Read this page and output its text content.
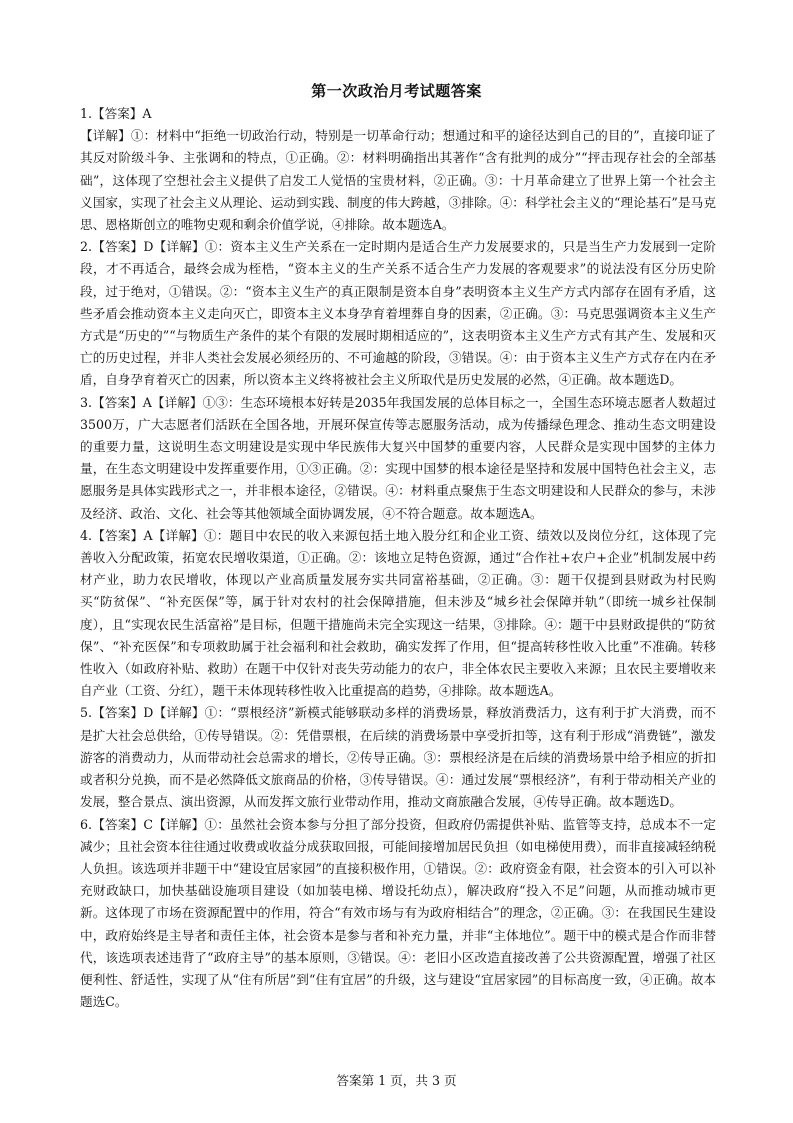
第一次政治月考试题答案

1.【答案】A

【详解】①：材料中“拒绝一切政治行动，特别是一切革命行动；想通过和平的途径达到自己的目的”，直接印证了其反对阶级斗争、主张调和的特点，①正确。②：材料明确指出其著作“含有批判的成分”“抨击现存社会的全部基础”，这体现了空想社会主义提供了启发工人觉悟的宝贵材料，②正确。③：十月革命建立了世界上第一个社会主义国家，实现了社会主义从理论、运动到实践、制度的伟大跨越，③排除。④：科学社会主义的“理论基石”是马克思、恩格斯创立的唯物史观和剩余价值学说，④排除。故本题选A。

2.【答案】D【详解】①：资本主义生产关系在一定时期内是适合生产力发展要求的，只是当生产力发展到一定阶段，才不再适合，最终会成为桎梏，“资本主义的生产关系不适合生产力发展的客观要求”的说法没有区分历史阶段，过于绝对，①错误。②：“资本主义生产的真正限制是资本自身”表明资本主义生产方式内部存在固有矛盾，这些矛盾会推动资本主义走向灭亡，即资本主义本身孕育着埋葬自身的因素，②正确。③：马克思强调资本主义生产方式是“历史的”“与物质生产条件的某个有限的发展时期相适应的”，这表明资本主义生产方式有其产生、发展和灭亡的历史过程，并非人类社会发展必须经历的、不可逾越的阶段，③错误。④：由于资本主义生产方式存在内在矛盾，自身孕育着灭亡的因素，所以资本主义终将被社会主义所取代是历史发展的必然，④正确。故本题选D。

3.【答案】A【详解】①③：生态环境根本好转是2035年我国发展的总体目标之一，全国生态环境志愿者人数超过3500万，广大志愿者们活跃在全国各地，开展环保宣传等志愿服务活动，成为传播绿色理念、推动生态文明建设的重要力量，这说明生态文明建设是实现中华民族伟大复兴中国梦的重要内容，人民群众是实现中国梦的主体力量，在生态文明建设中发挥重要作用，①③正确。②：实现中国梦的根本途径是坚持和发展中国特色社会主义，志愿服务是具体实践形式之一，并非根本途径，②错误。④：材料重点聚焦于生态文明建设和人民群众的参与，未涉及经济、政治、文化、社会等其他领域全面协调发展，④不符合题意。故本题选A。

4.【答案】A【详解】①：题目中农民的收入来源包括土地入股分红和企业工资、绩效以及岗位分红，这体现了完善收入分配政策，拓宽农民增收渠道，①正确。②：该地立足特色资源，通过“合作社+农户+企业”机制发展中药材产业，助力农民增收，体现以产业高质量发展夯实共同富裕基础，②正确。③：题干仅提到县财政为村民购买“防贫保”、“补充医保”等，属于针对农村的社会保障措施，但未涉及“城乡社会保障并轨”（即统一城乡社保制度），且“实现农民生活富裕”是目标，但题干措施尚未完全实现这一结果，③排除。④：题干中县财政提供的“防贫保”、“补充医保”和专项救助属于社会福利和社会救助，确实发挥了作用，但“提高转移性收入比重”不准确。转移性收入（如政府补贴、救助）在题干中仅针对丧失劳动能力的农户，非全体农民主要收入来源；且农民主要增收来自产业（工资、分红），题干未体现转移性收入比重提高的趋势，④排除。故本题选A。

5.【答案】D【详解】①：“票根经济”新模式能够联动多样的消费场景，释放消费活力，这有利于扩大消费，而不是扩大社会总供给，①传导错误。②：凭借票根，在后续的消费场景中享受折扣等，这有利于形成“消费链”，激发游客的消费动力，从而带动社会总需求的增长，②传导正确。③：票根经济是在后续的消费场景中给予相应的折扣或者积分兑换，而不是必然降低文旅商品的价格，③传导错误。④：通过发展“票根经济”，有利于带动相关产业的发展，整合景点、演出资源，从而发挥文旅行业带动作用，推动文商旅融合发展，④传导正确。故本题选D。

6.【答案】C【详解】①：虽然社会资本参与分担了部分投资，但政府仍需提供补贴、监管等支持，总成本不一定减少；且社会资本往往通过收费或收益分成获取回报，可能间接增加居民负担（如电梯使用费），而非直接减轻纳税人负担。该选项并非题干中“建设宜居家园”的直接积极作用，①错误。②：政府资金有限，社会资本的引入可以补充财政缺口，加快基础设施项目建设（如加装电梯、增设托幼点），解决政府“投入不足”问题，从而推动城市更新。这体现了市场在资源配置中的作用，符合“有效市场与有为政府相结合”的理念，②正确。③：在我国民生建设中，政府始终是主导者和责任主体，社会资本是参与者和补充力量，并非“主体地位”。题干中的模式是合作而非替代，该选项表述违背了“政府主导”的基本原则，③错误。④：老旧小区改造直接改善了公共资源配置，增强了社区便利性、舒适性，实现了从“住有所居”到“住有宜居”的升级，这与建设“宜居家园”的目标高度一致，④正确。故本题选C。

答案第 1 页，共 3 页
